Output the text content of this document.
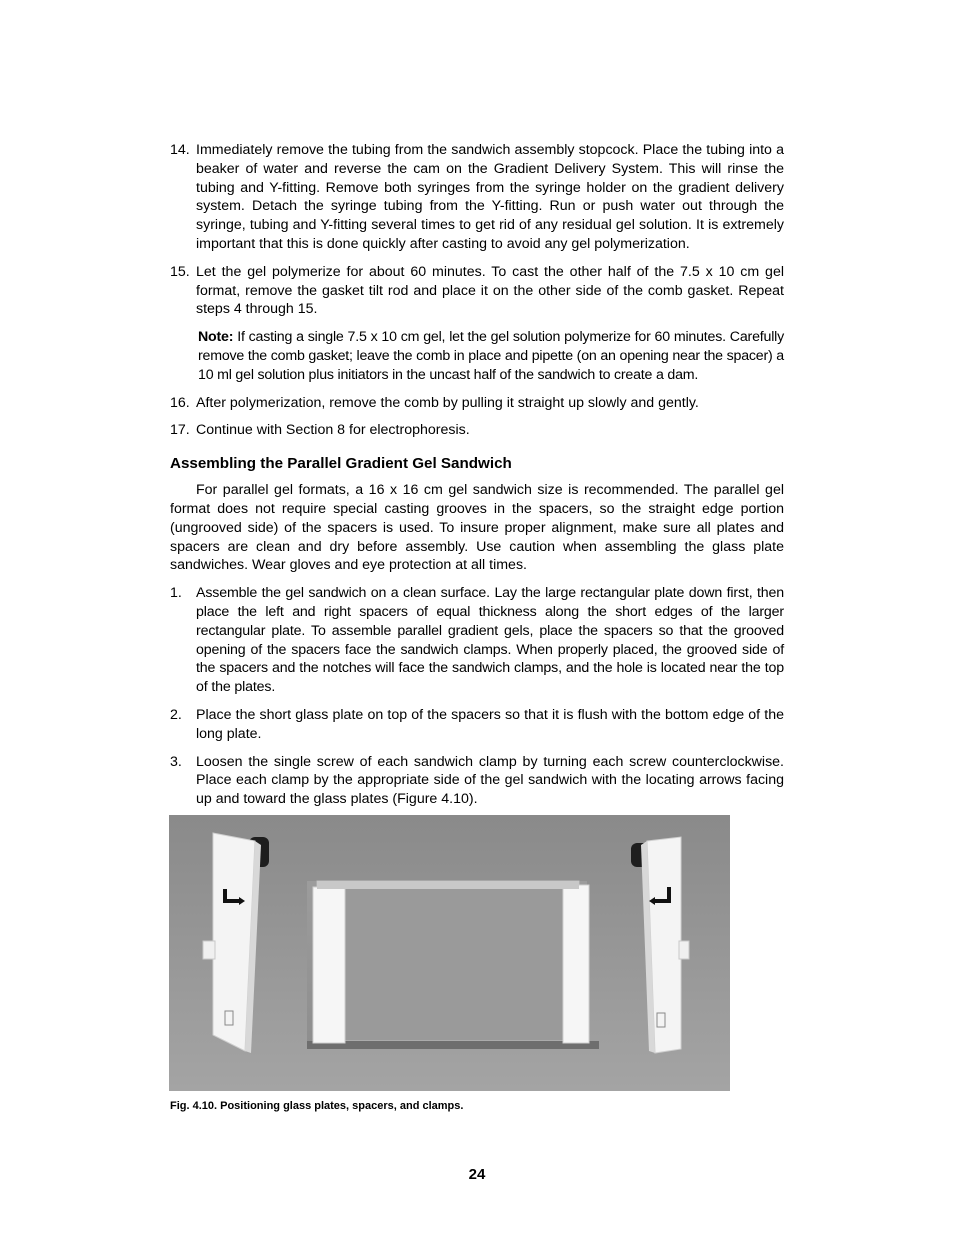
14. Immediately remove the tubing from the sandwich assembly stopcock. Place the tubing into a beaker of water and reverse the cam on the Gradient Delivery System. This will rinse the tubing and Y-fitting. Remove both syringes from the syringe holder on the gradient delivery system. Detach the syringe tubing from the Y-fitting. Run or push water out through the syringe, tubing and Y-fitting several times to get rid of any residual gel solution. It is extremely important that this is done quickly after casting to avoid any gel polymerization.
15. Let the gel polymerize for about 60 minutes. To cast the other half of the 7.5 x 10 cm gel format, remove the gasket tilt rod and place it on the other side of the comb gasket. Repeat steps 4 through 15.
Note: If casting a single 7.5 x 10 cm gel, let the gel solution polymerize for 60 minutes. Carefully remove the comb gasket; leave the comb in place and pipette (on an opening near the spacer) a 10 ml gel solution plus initiators in the uncast half of the sandwich to create a dam.
16. After polymerization, remove the comb by pulling it straight up slowly and gently.
17. Continue with Section 8 for electrophoresis.
Assembling the Parallel Gradient Gel Sandwich
For parallel gel formats, a 16 x 16 cm gel sandwich size is recommended. The parallel gel format does not require special casting grooves in the spacers, so the straight edge portion (ungrooved side) of the spacers is used. To insure proper alignment, make sure all plates and spacers are clean and dry before assembly. Use caution when assembling the glass plate sandwiches. Wear gloves and eye protection at all times.
1. Assemble the gel sandwich on a clean surface. Lay the large rectangular plate down first, then place the left and right spacers of equal thickness along the short edges of the larger rectangular plate. To assemble parallel gradient gels, place the spacers so that the grooved opening of the spacers face the sandwich clamps. When properly placed, the grooved side of the spacers and the notches will face the sandwich clamps, and the hole is located near the top of the plates.
2. Place the short glass plate on top of the spacers so that it is flush with the bottom edge of the long plate.
3. Loosen the single screw of each sandwich clamp by turning each screw counterclockwise. Place each clamp by the appropriate side of the gel sandwich with the locating arrows facing up and toward the glass plates (Figure 4.10).
Fig. 4.10. Positioning glass plates, spacers, and clamps.
24
